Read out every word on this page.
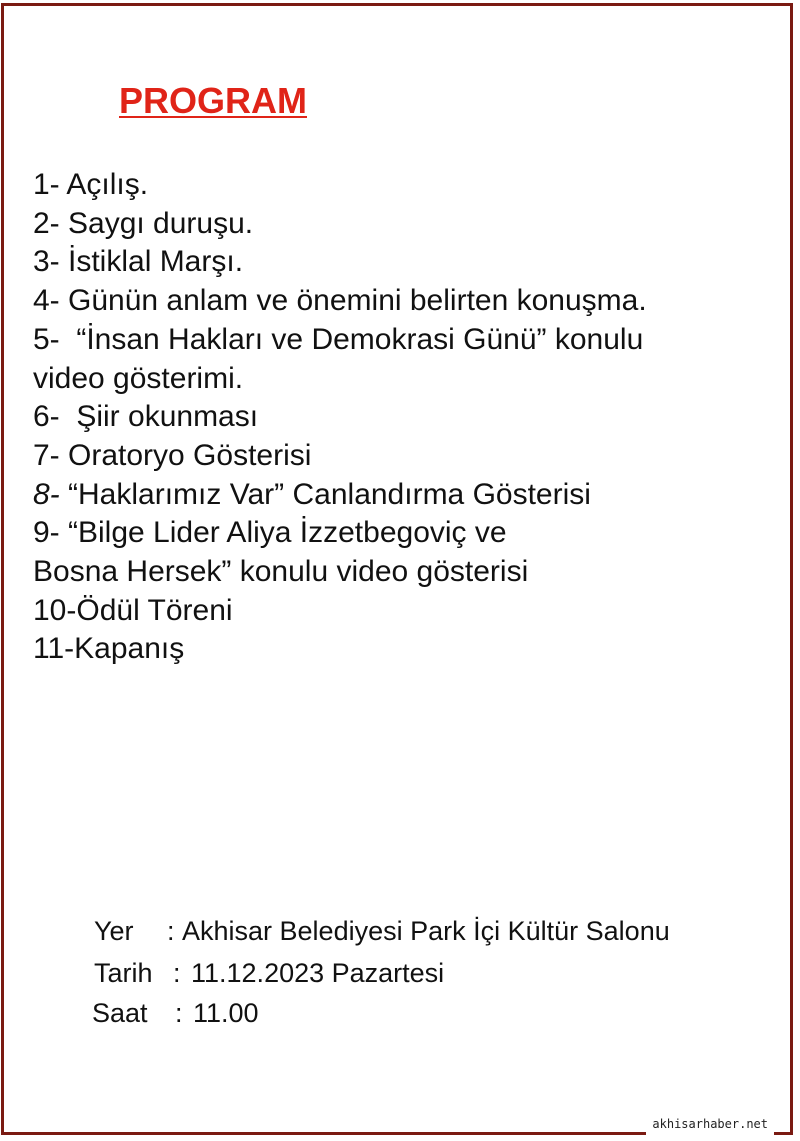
PROGRAM
1- Açılış.
2- Saygı duruşu.
3- İstiklal Marşı.
4- Günün anlam ve önemini belirten konuşma.
5-  “İnsan Hakları ve Demokrasi Günü” konulu
video gösterimi.
6-  Şiir okunması
7- Oratoryo Gösterisi
8- “Haklarımız Var” Canlandırma Gösterisi
9- “Bilge Lider Aliya İzzetbegoviç ve
Bosna Hersek” konulu video gösterisi
10-Ödül Töreni
11-Kapanış
Yer : Akhisar Belediyesi Park İçi Kültür Salonu
Tarih : 11.12.2023 Pazartesi
Saat : 11.00
akhisarhaber.net
